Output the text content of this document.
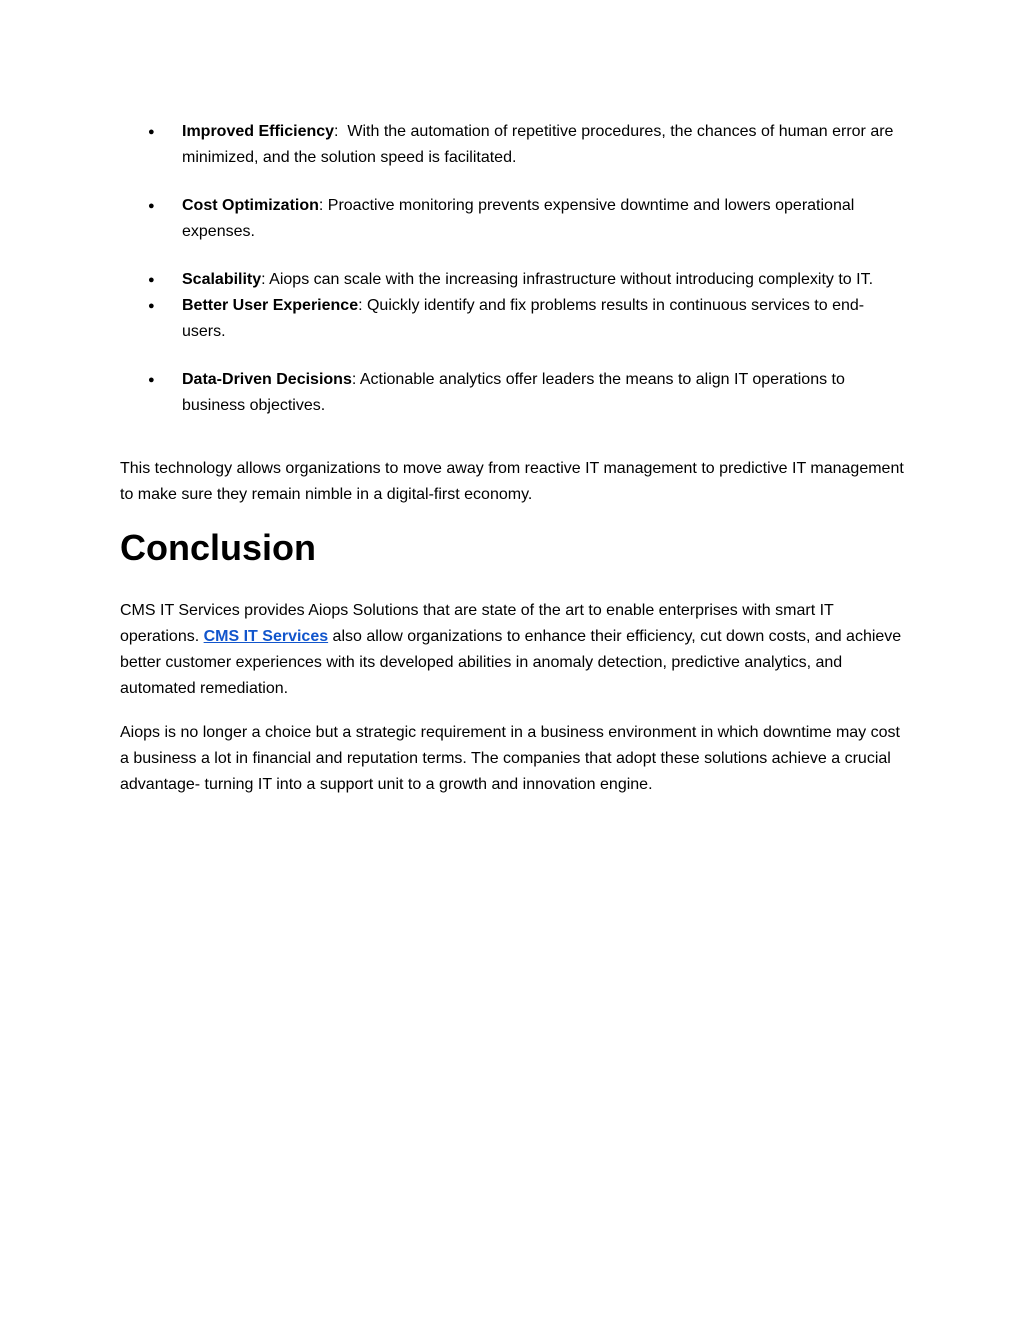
● Improved Efficiency:  With the automation of repetitive procedures, the chances of human error are minimized, and the solution speed is facilitated.
● Cost Optimization: Proactive monitoring prevents expensive downtime and lowers operational expenses.
● Scalability: Aiops can scale with the increasing infrastructure without introducing complexity to IT.
● Better User Experience: Quickly identify and fix problems results in continuous services to end-users.
● Data-Driven Decisions: Actionable analytics offer leaders the means to align IT operations to business objectives.

This technology allows organizations to move away from reactive IT management to predictive IT management to make sure they remain nimble in a digital-first economy.

Conclusion

CMS IT Services provides Aiops Solutions that are state of the art to enable enterprises with smart IT operations. CMS IT Services also allow organizations to enhance their efficiency, cut down costs, and achieve better customer experiences with its developed abilities in anomaly detection, predictive analytics, and automated remediation.

Aiops is no longer a choice but a strategic requirement in a business environment in which downtime may cost a business a lot in financial and reputation terms. The companies that adopt these solutions achieve a crucial advantage- turning IT into a support unit to a growth and innovation engine.
